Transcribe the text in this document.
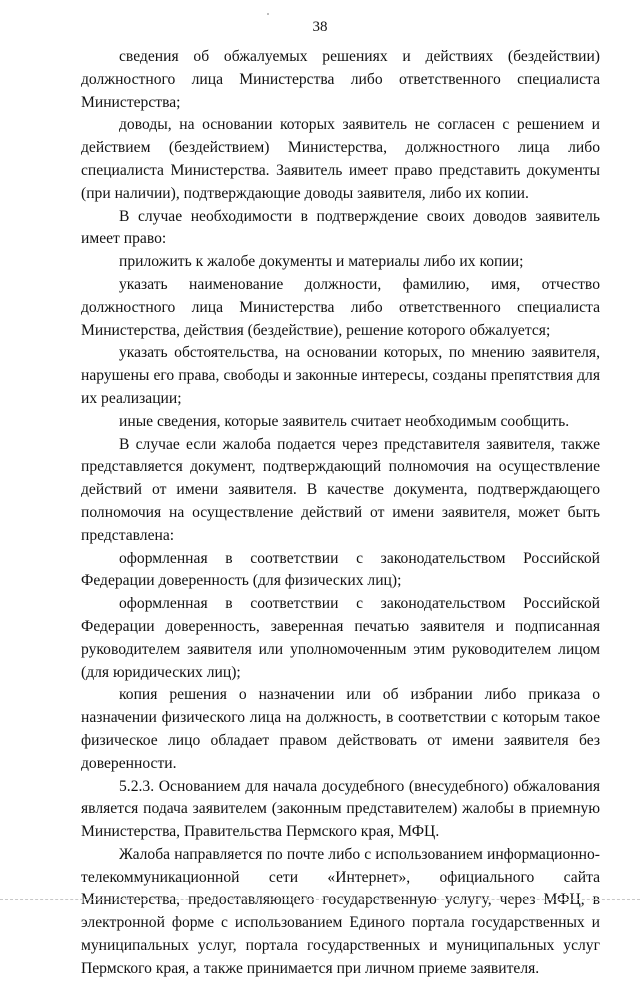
38

сведения об обжалуемых решениях и действиях (бездействии) должностного лица Министерства либо ответственного специалиста Министерства;

доводы, на основании которых заявитель не согласен с решением и действием (бездействием) Министерства, должностного лица либо специалиста Министерства. Заявитель имеет право представить документы (при наличии), подтверждающие доводы заявителя, либо их копии.

В случае необходимости в подтверждение своих доводов заявитель имеет право:

приложить к жалобе документы и материалы либо их копии;

указать наименование должности, фамилию, имя, отчество должностного лица Министерства либо ответственного специалиста Министерства, действия (бездействие), решение которого обжалуется;

указать обстоятельства, на основании которых, по мнению заявителя, нарушены его права, свободы и законные интересы, созданы препятствия для их реализации;

иные сведения, которые заявитель считает необходимым сообщить.

В случае если жалоба подается через представителя заявителя, также представляется документ, подтверждающий полномочия на осуществление действий от имени заявителя. В качестве документа, подтверждающего полномочия на осуществление действий от имени заявителя, может быть представлена:

оформленная в соответствии с законодательством Российской Федерации доверенность (для физических лиц);

оформленная в соответствии с законодательством Российской Федерации доверенность, заверенная печатью заявителя и подписанная руководителем заявителя или уполномоченным этим руководителем лицом (для юридических лиц);

копия решения о назначении или об избрании либо приказа о назначении физического лица на должность, в соответствии с которым такое физическое лицо обладает правом действовать от имени заявителя без доверенности.

5.2.3. Основанием для начала досудебного (внесудебного) обжалования является подача заявителем (законным представителем) жалобы в приемную Министерства, Правительства Пермского края, МФЦ.

Жалоба направляется по почте либо с использованием информационно-телекоммуникационной сети «Интернет», официального сайта Министерства, предоставляющего государственную услугу, через МФЦ, в электронной форме с использованием Единого портала государственных и муниципальных услуг, портала государственных и муниципальных услуг Пермского края, а также принимается при личном приеме заявителя.
